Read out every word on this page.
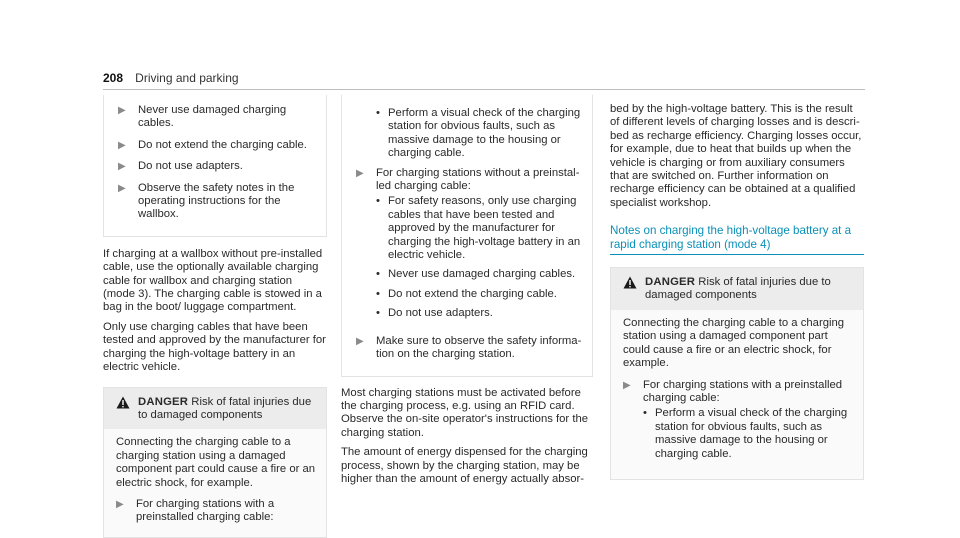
208 Driving and parking
▶	Never use damaged charging cables.
▶	Do not extend the charging cable.
▶	Do not use adapters.
▶	Observe the safety notes in the operating instructions for the wallbox.

If charging at a wallbox without pre-installed cable, use the optionally available charging cable for wallbox and charging station (mode 3). The charging cable is stowed in a bag in the boot/ luggage compartment.

Only use charging cables that have been tested and approved by the manufacturer for charging the high-voltage battery in an electric vehicle.

DANGER Risk of fatal injuries due to damaged components
Connecting the charging cable to a charging station using a damaged component part could cause a fire or an electric shock, for example.
▶	For charging stations with a preinstalled charging cable:
• Perform a visual check of the charging station for obvious faults, such as massive damage to the housing or charging cable.
▶	For charging stations without a preinstalled charging cable:
• For safety reasons, only use charging cables that have been tested and approved by the manufacturer for charging the high-voltage battery in an electric vehicle.
• Never use damaged charging cables.
• Do not extend the charging cable.
• Do not use adapters.
▶	Make sure to observe the safety information on the charging station.

Most charging stations must be activated before the charging process, e.g. using an RFID card. Observe the on-site operator's instructions for the charging station.

The amount of energy dispensed for the charging process, shown by the charging station, may be higher than the amount of energy actually absor-

bed by the high-voltage battery. This is the result of different levels of charging losses and is described as recharge efficiency. Charging losses occur, for example, due to heat that builds up when the vehicle is charging or from auxiliary consumers that are switched on. Further information on recharge efficiency can be obtained at a qualified specialist workshop.

Notes on charging the high-voltage battery at a rapid charging station (mode 4)
DANGER Risk of fatal injuries due to damaged components
Connecting the charging cable to a charging station using a damaged component part could cause a fire or an electric shock, for example.
▶	For charging stations with a preinstalled charging cable:
• Perform a visual check of the charging station for obvious faults, such as massive damage to the housing or charging cable.
